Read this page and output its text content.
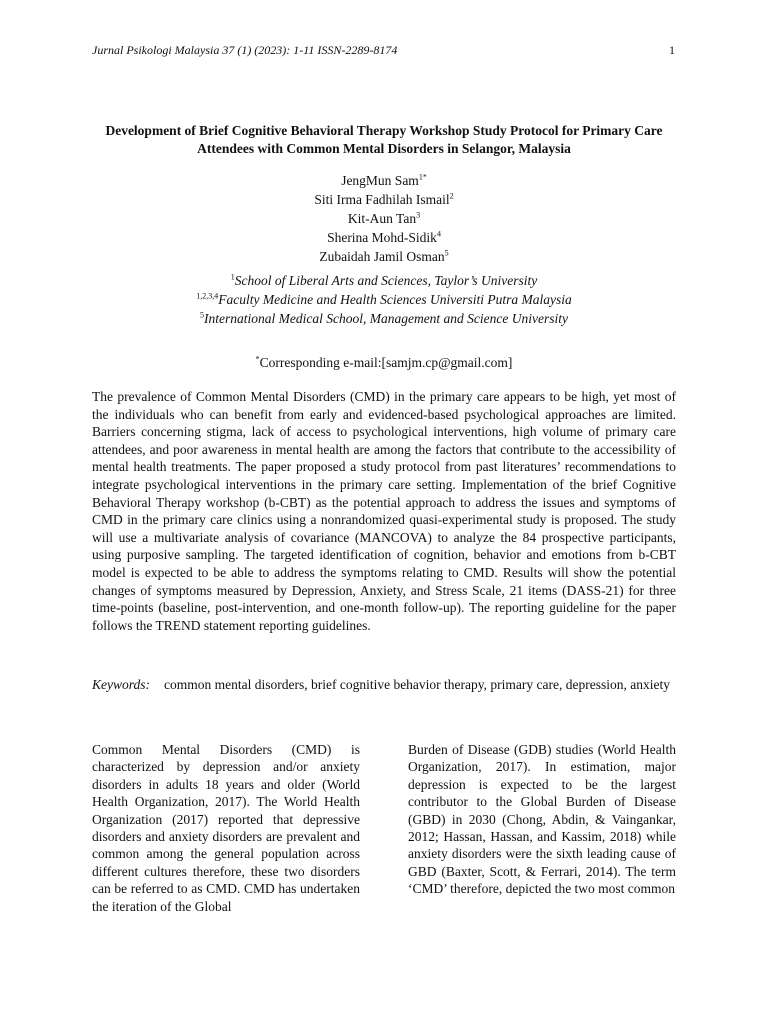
Jurnal Psikologi Malaysia 37 (1) (2023): 1-11 ISSN-2289-8174	1
Development of Brief Cognitive Behavioral Therapy Workshop Study Protocol for Primary Care Attendees with Common Mental Disorders in Selangor, Malaysia
JengMun Sam$^{1*}$
Siti Irma Fadhilah Ismail$^2$
Kit-Aun Tan$^3$
Sherina Mohd-Sidik$^4$
Zubaidah Jamil Osman$^5$
$^1$School of Liberal Arts and Sciences, Taylor’s University
$^{1,2,3,4}$Faculty Medicine and Health Sciences Universiti Putra Malaysia
$^5$International Medical School, Management and Science University
*Corresponding e-mail:[samjm.cp@gmail.com]

The prevalence of Common Mental Disorders (CMD) in the primary care appears to be high, yet most of the individuals who can benefit from early and evidenced-based psychological approaches are limited. Barriers concerning stigma, lack of access to psychological interventions, high volume of primary care attendees, and poor awareness in mental health are among the factors that contribute to the accessibility of mental health treatments. The paper proposed a study protocol from past literatures’ recommendations to integrate psychological interventions in the primary care setting. Implementation of the brief Cognitive Behavioral Therapy workshop (b-CBT) as the potential approach to address the issues and symptoms of CMD in the primary care clinics using a nonrandomized quasi-experimental study is proposed. The study will use a multivariate analysis of covariance (MANCOVA) to analyze the 84 prospective participants, using purposive sampling. The targeted identification of cognition, behavior and emotions from b-CBT model is expected to be able to address the symptoms relating to CMD. Results will show the potential changes of symptoms measured by Depression, Anxiety, and Stress Scale, 21 items (DASS-21) for three time-points (baseline, post-intervention, and one-month follow-up). The reporting guideline for the paper follows the TREND statement reporting guidelines.

Keywords: common mental disorders, brief cognitive behavior therapy, primary care, depression, anxiety

Common Mental Disorders (CMD) is characterized by depression and/or anxiety disorders in adults 18 years and older (World Health Organization, 2017). The World Health Organization (2017) reported that depressive disorders and anxiety disorders are prevalent and common among the general population across different cultures therefore, these two disorders can be referred to as CMD. CMD has undertaken the iteration of the Global

Burden of Disease (GDB) studies (World Health Organization, 2017). In estimation, major depression is expected to be the largest contributor to the Global Burden of Disease (GBD) in 2030 (Chong, Abdin, & Vaingankar, 2012; Hassan, Hassan, and Kassim, 2018) while anxiety disorders were the sixth leading cause of GBD (Baxter, Scott, & Ferrari, 2014). The term ‘CMD’ therefore, depicted the two most common
